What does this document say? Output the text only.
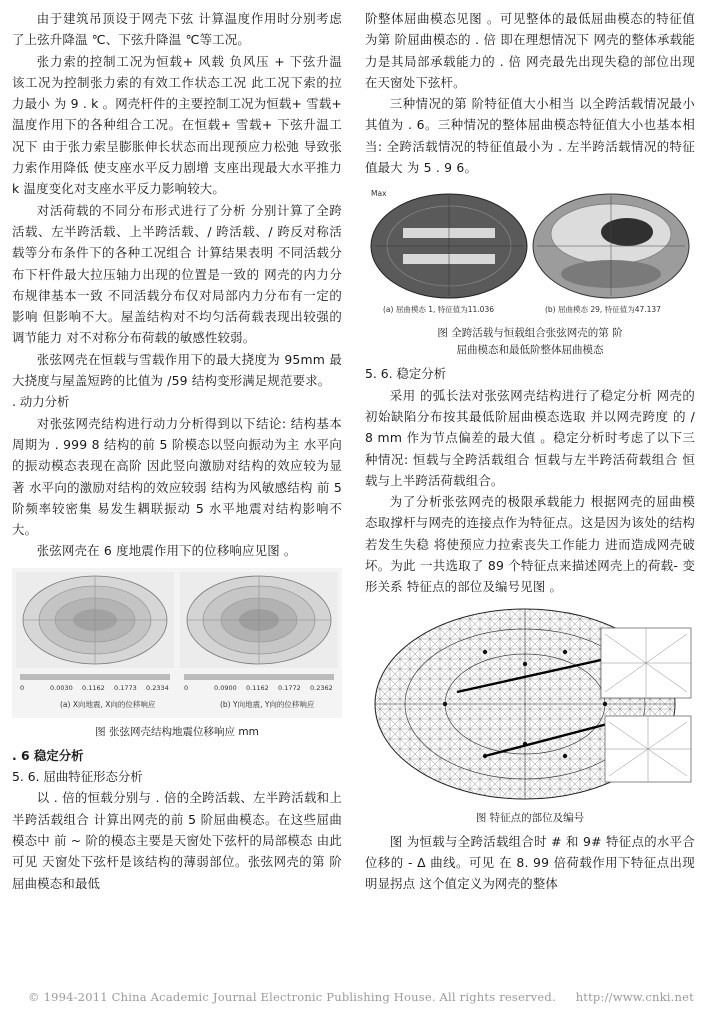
由于建筑吊顶设于网壳下弦 计算温度作用时分别考虑了上弦升降温 ℃、下弦升降温 ℃等工况。

张力索的控制工况为恒载+ 风载 负风压 + 下弦升温 该工况为控制张力索的有效工作状态工况 此工况下索的拉力最小 为 9 . k 。网壳杆件的主要控制工况为恒载+ 雪载+ 温度作用下的各种组合工况。在恒载+ 雪载+ 下弦升温工况下 由于张力索呈膨胀伸长状态而出现预应力松弛 导致张力索作用降低 使支座水平反力剧增 支座出现最大水平推力 k 温度变化对支座水平反力影响较大。

对活荷载的不同分布形式进行了分析 分别计算了全跨活载、左半跨活载、上半跨活载、/ 跨活载、/ 跨反对称活载等分布条件下的各种工况组合 计算结果表明 不同活载分布下杆件最大拉压轴力出现的位置是一致的 网壳的内力分布规律基本一致 不同活载分布仅对局部内力分布有一定的影响 但影响不大。屋盖结构对不均匀活荷载表现出较强的调节能力 对不对称分布荷载的敏感性较弱。

张弦网壳在恒载与雪载作用下的最大挠度为 95mm 最大挠度与屋盖短跨的比值为 /59 结构变形满足规范要求。

. 动力分析

对张弦网壳结构进行动力分析得到以下结论: 结构基本周期为 . 999 8 结构的前 5 阶模态以竖向振动为主 水平向的振动模态表现在高阶 因此竖向激励对结构的效应较为显著 水平向的激励对结构的效应较弱 结构为风敏感结构 前 5 阶频率较密集 易发生耦联振动 5 水平地震对结构影响不大。

张弦网壳在 6 度地震作用下的位移响应见图 。

0	0.0030 0.1162 0.1773 0.2334 0	0.0900 0.1162 0.1772 0.2362
(a) X向地震, X向的位移响应	(b) Y向地震, Y向的位移响应
图 张弦网壳结构地震位移响应 mm

. 6 稳定分析

5. 6. 屈曲特征形态分析

以 . 倍的恒载分别与 . 倍的全跨活载、左半跨活载和上半跨活载组合 计算出网壳的前 5 阶屈曲模态。在这些屈曲模态中 前 ~ 阶的模态主要是天窗处下弦杆的局部模态 由此可见 天窗处下弦杆是该结构的薄弱部位。张弦网壳的第 阶屈曲模态和最低

阶整体屈曲模态见图 。可见整体的最低屈曲模态的特征值为第 阶屈曲模态的 . 倍 即在理想情况下 网壳的整体承载能力是其局部承载能力的 . 倍 网壳最先出现失稳的部位出现在天窗处下弦杆。

三种情况的第 阶特征值大小相当 以全跨活载情况最小 其值为 . 6。三种情况的整体屈曲模态特征值大小也基本相当: 全跨活载情况的特征值最小为 . 左半跨活载情况的特征值最大 为 5 . 9 6。

Max
(a) 屈曲模态 1, 特征值为11.036	(b) 屈曲模态 29, 特征值为47.137
图 全跨活载与恒载组合张弦网壳的第 阶
屈曲模态和最低阶整体屈曲模态

5. 6. 稳定分析

采用 的弧长法对张弦网壳结构进行了稳定分析 网壳的初始缺陷分布按其最低阶屈曲模态选取 并以网壳跨度 的 / 8 mm 作为节点偏差的最大值 。稳定分析时考虑了以下三种情况: 恒载与全跨活载组合 恒载与左半跨活荷载组合 恒载与上半跨活荷载组合。

为了分析张弦网壳的极限承载能力 根据网壳的屈曲模态取撑杆与网壳的连接点作为特征点。这是因为该处的结构若发生失稳 将使预应力拉索丧失工作能力 进而造成网壳破坏。为此 一共选取了 89 个特征点来描述网壳上的荷载- 变形关系 特征点的部位及编号见图 。

图 特征点的部位及编号

图 为恒载与全跨活载组合时 # 和 9# 特征点的水平合位移的 - Δ 曲线。可见 在 8. 99 倍荷载作用下特征点出现明显拐点 这个值定义为网壳的整体

© 1994-2011 China Academic Journal Electronic Publishing House. All rights reserved. http://www.cnki.net
